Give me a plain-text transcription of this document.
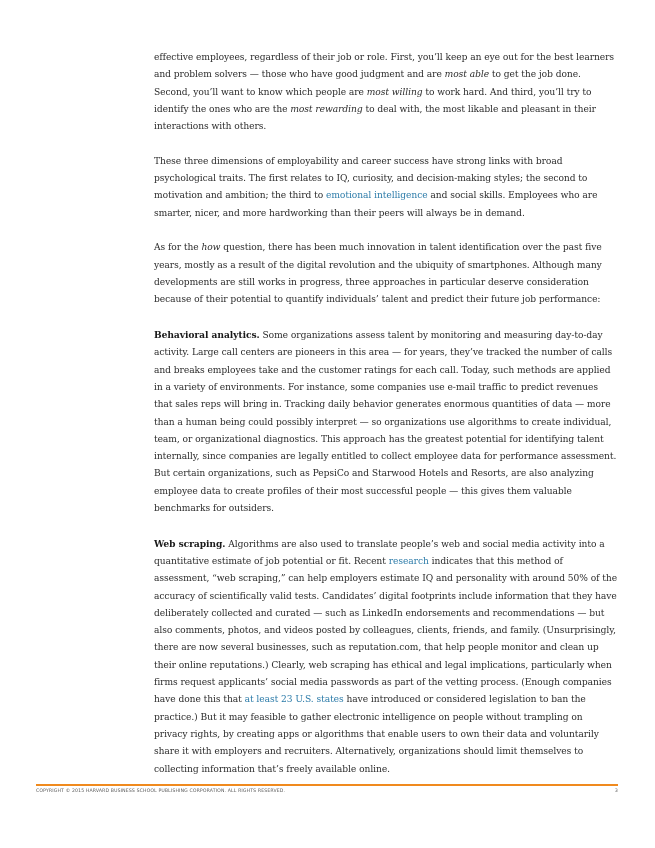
effective employees, regardless of their job or role. First, you’ll keep an eye out for the best learners and problem solvers — those who have good judgment and are most able to get the job done. Second, you’ll want to know which people are most willing to work hard. And third, you’ll try to identify the ones who are the most rewarding to deal with, the most likable and pleasant in their interactions with others.

These three dimensions of employability and career success have strong links with broad psychological traits. The first relates to IQ, curiosity, and decision-making styles; the second to motivation and ambition; the third to emotional intelligence and social skills. Employees who are smarter, nicer, and more hardworking than their peers will always be in demand.

As for the how question, there has been much innovation in talent identification over the past five years, mostly as a result of the digital revolution and the ubiquity of smartphones. Although many developments are still works in progress, three approaches in particular deserve consideration because of their potential to quantify individuals’ talent and predict their future job performance:

Behavioral analytics. Some organizations assess talent by monitoring and measuring day-to-day activity. Large call centers are pioneers in this area — for years, they’ve tracked the number of calls and breaks employees take and the customer ratings for each call. Today, such methods are applied in a variety of environments. For instance, some companies use e-mail traffic to predict revenues that sales reps will bring in. Tracking daily behavior generates enormous quantities of data — more than a human being could possibly interpret — so organizations use algorithms to create individual, team, or organizational diagnostics. This approach has the greatest potential for identifying talent internally, since companies are legally entitled to collect employee data for performance assessment. But certain organizations, such as PepsiCo and Starwood Hotels and Resorts, are also analyzing employee data to create profiles of their most successful people — this gives them valuable benchmarks for outsiders.

Web scraping. Algorithms are also used to translate people’s web and social media activity into a quantitative estimate of job potential or fit. Recent research indicates that this method of assessment, “web scraping,” can help employers estimate IQ and personality with around 50% of the accuracy of scientifically valid tests. Candidates’ digital footprints include information that they have deliberately collected and curated — such as LinkedIn endorsements and recommendations — but also comments, photos, and videos posted by colleagues, clients, friends, and family. (Unsurprisingly, there are now several businesses, such as reputation.com, that help people monitor and clean up their online reputations.) Clearly, web scraping has ethical and legal implications, particularly when firms request applicants’ social media passwords as part of the vetting process. (Enough companies have done this that at least 23 U.S. states have introduced or considered legislation to ban the practice.) But it may feasible to gather electronic intelligence on people without trampling on privacy rights, by creating apps or algorithms that enable users to own their data and voluntarily share it with employers and recruiters. Alternatively, organizations should limit themselves to collecting information that’s freely available online.

COPYRIGHT © 2015 HARVARD BUSINESS SCHOOL PUBLISHING CORPORATION. ALL RIGHTS RESERVED.	3
